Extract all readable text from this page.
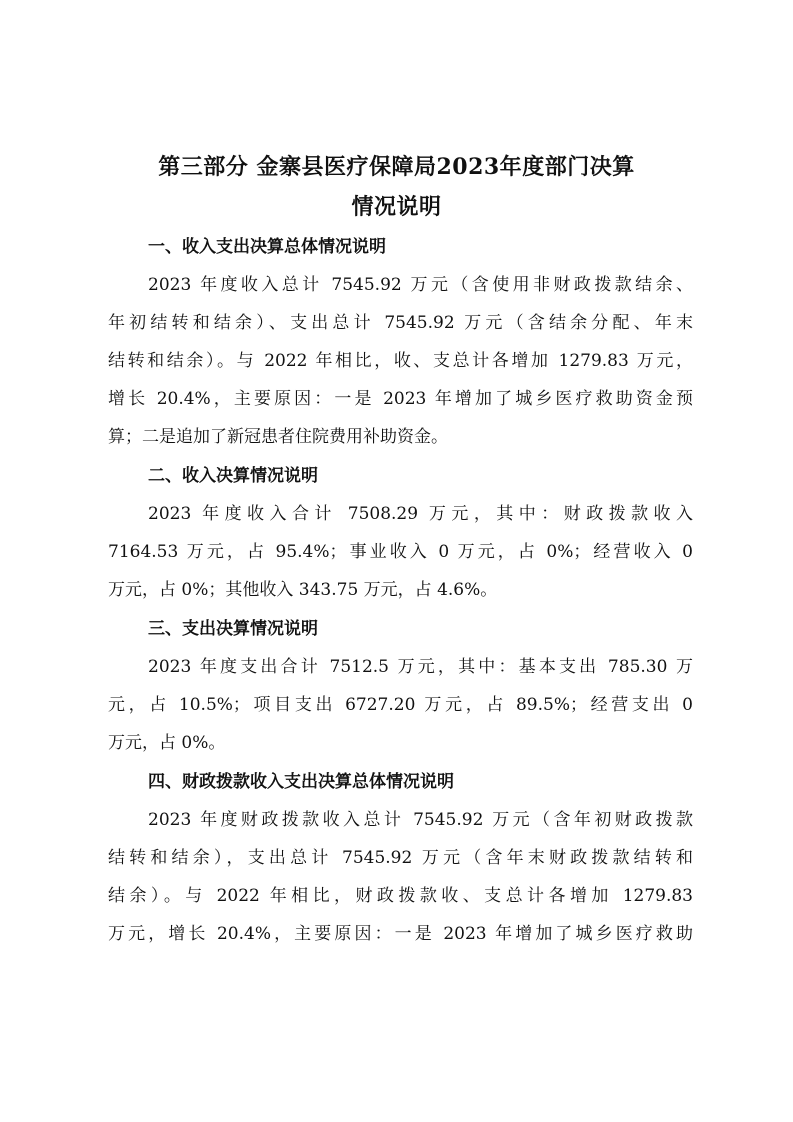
第三部分 金寨县医疗保障局2023年度部门决算
情况说明
一、收入支出决算总体情况说明

2023 年度收入总计 7545.92 万元（含使用非财政拨款结余、

年初结转和结余）、支出总计 7545.92 万元（含结余分配、年末

结转和结余）。与 2022 年相比，收、支总计各增加 1279.83 万元，

增长 20.4%，主要原因：一是 2023 年增加了城乡医疗救助资金预

算；二是追加了新冠患者住院费用补助资金。

二、收入决算情况说明

2023 年度收入合计 7508.29 万元，其中：财政拨款收入

7164.53 万元，占 95.4%；事业收入 0 万元，占 0%；经营收入 0

万元，占 0%；其他收入 343.75 万元，占 4.6%。

三、支出决算情况说明

2023 年度支出合计 7512.5 万元，其中：基本支出 785.30 万

元，占 10.5%；项目支出 6727.20 万元，占 89.5%；经营支出 0

万元，占 0%。

四、财政拨款收入支出决算总体情况说明

2023 年度财政拨款收入总计 7545.92 万元（含年初财政拨款

结转和结余），支出总计 7545.92 万元（含年末财政拨款结转和

结余）。与 2022 年相比，财政拨款收、支总计各增加 1279.83

万元，增长 20.4%，主要原因：一是 2023 年增加了城乡医疗救助
